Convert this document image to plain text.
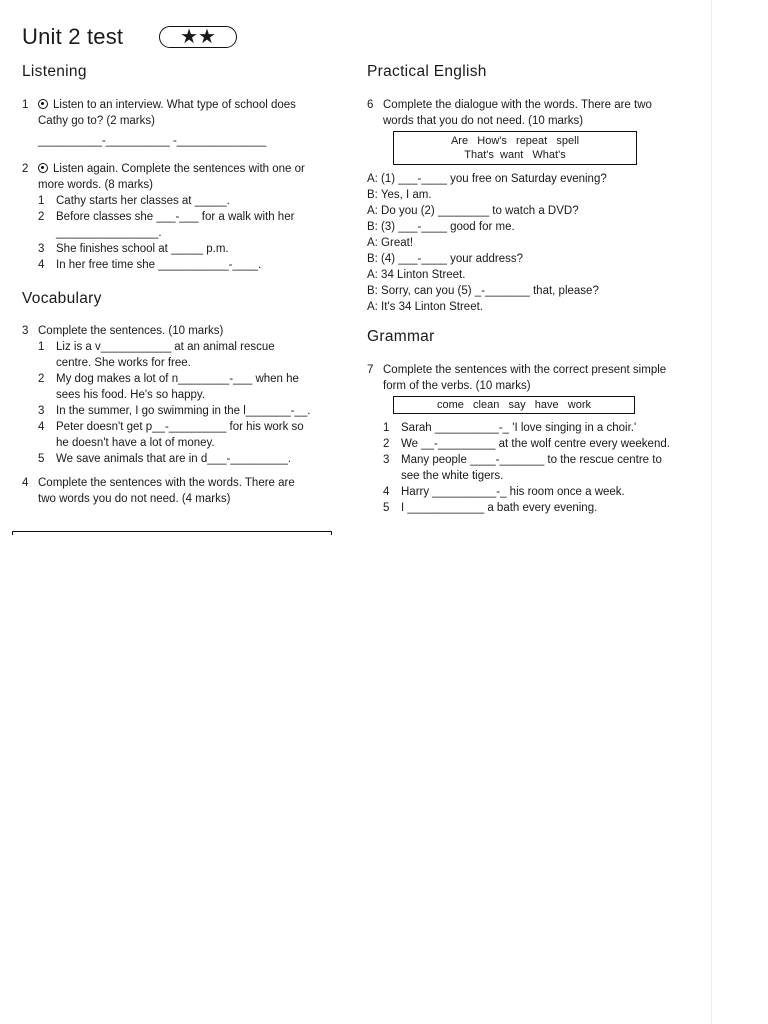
Unit 2 test	★★
Listening
1	Listen to an interview. What type of school does Cathy go to? (2 marks)
__________-__________ -______________
2	Listen again. Complete the sentences with one or more words. (8 marks)
1	Cathy starts her classes at _____.
2	Before classes she ___-___ for a walk with her ________________.
3	She finishes school at _____ p.m.
4	In her free time she ___________-____.
Vocabulary
3 Complete the sentences. (10 marks)
1	Liz is a v___________ at an animal rescue centre. She works for free.
2	My dog makes a lot of n________-___ when he sees his food. He's so happy.
3	In the summer, I go swimming in the l_______-__.
4	Peter doesn't get p__-_________ for his work so he doesn't have a lot of money.
5	We save animals that are in d___-_________.
4 Complete the sentences with the words. There are two words you do not need. (4 marks)
Practical English
6 Complete the dialogue with the words. There are two words that you do not need. (10 marks)
Are   How's   repeat   spell
That's  want   What's
A: (1) ___-____ you free on Saturday evening?
B: Yes, I am.
A: Do you (2) ________ to watch a DVD?
B: (3) ___-____ good for me.
A: Great!
B: (4) ___-____ your address?
A: 34 Linton Street.
B: Sorry, can you (5) _-_______ that, please?
A: It's 34 Linton Street.
Grammar
7 Complete the sentences with the correct present simple form of the verbs. (10 marks)
come   clean   say   have   work
1	Sarah __________-_ 'I love singing in a choir.'
2	We __-_________ at the wolf centre every weekend.
3	Many people ____-_______ to the rescue centre to see the white tigers.
4	Harry __________-_ his room once a week.
5	I ____________ a bath every evening.
